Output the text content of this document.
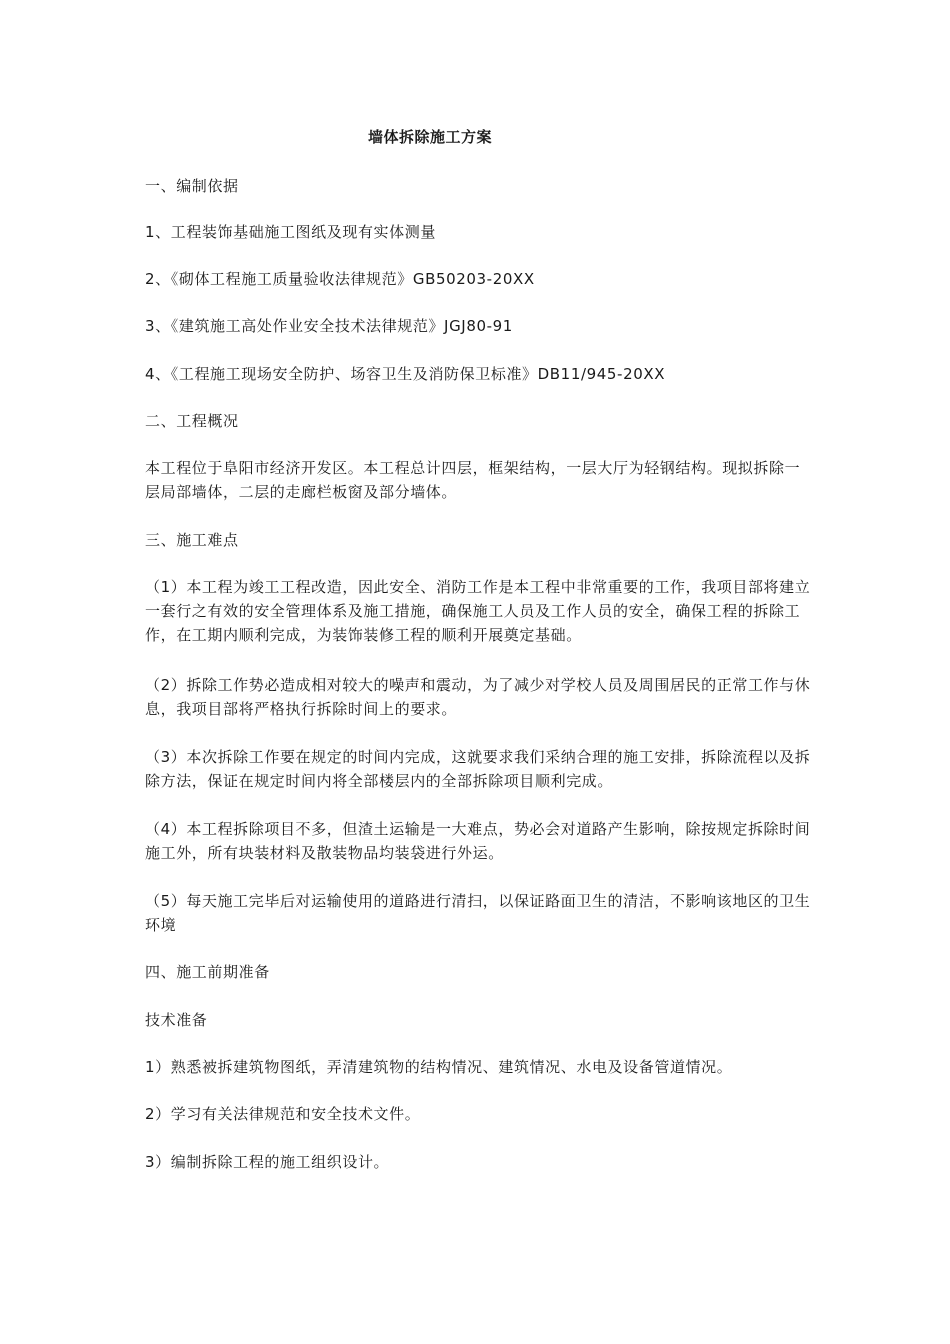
墙体拆除施工方案

一、编制依据

1、工程装饰基础施工图纸及现有实体测量

2、《砌体工程施工质量验收法律规范》GB50203-20XX

3、《建筑施工高处作业安全技术法律规范》JGJ80-91

4、《工程施工现场安全防护、场容卫生及消防保卫标准》DB11/945-20XX

二、工程概况

本工程位于阜阳市经济开发区。本工程总计四层，框架结构，一层大厅为轻钢结构。现拟拆除一层局部墙体，二层的走廊栏板窗及部分墙体。

三、施工难点

（1）本工程为竣工工程改造，因此安全、消防工作是本工程中非常重要的工作，我项目部将建立一套行之有效的安全管理体系及施工措施，确保施工人员及工作人员的安全，确保工程的拆除工作，在工期内顺利完成，为装饰装修工程的顺利开展奠定基础。

（2）拆除工作势必造成相对较大的噪声和震动，为了减少对学校人员及周围居民的正常工作与休息，我项目部将严格执行拆除时间上的要求。

（3）本次拆除工作要在规定的时间内完成，这就要求我们采纳合理的施工安排，拆除流程以及拆除方法，保证在规定时间内将全部楼层内的全部拆除项目顺利完成。

（4）本工程拆除项目不多，但渣土运输是一大难点，势必会对道路产生影响，除按规定拆除时间施工外，所有块装材料及散装物品均装袋进行外运。

（5）每天施工完毕后对运输使用的道路进行清扫，以保证路面卫生的清洁，不影响该地区的卫生环境

四、施工前期准备

技术准备

1）熟悉被拆建筑物图纸，弄清建筑物的结构情况、建筑情况、水电及设备管道情况。

2）学习有关法律规范和安全技术文件。

3）编制拆除工程的施工组织设计。
